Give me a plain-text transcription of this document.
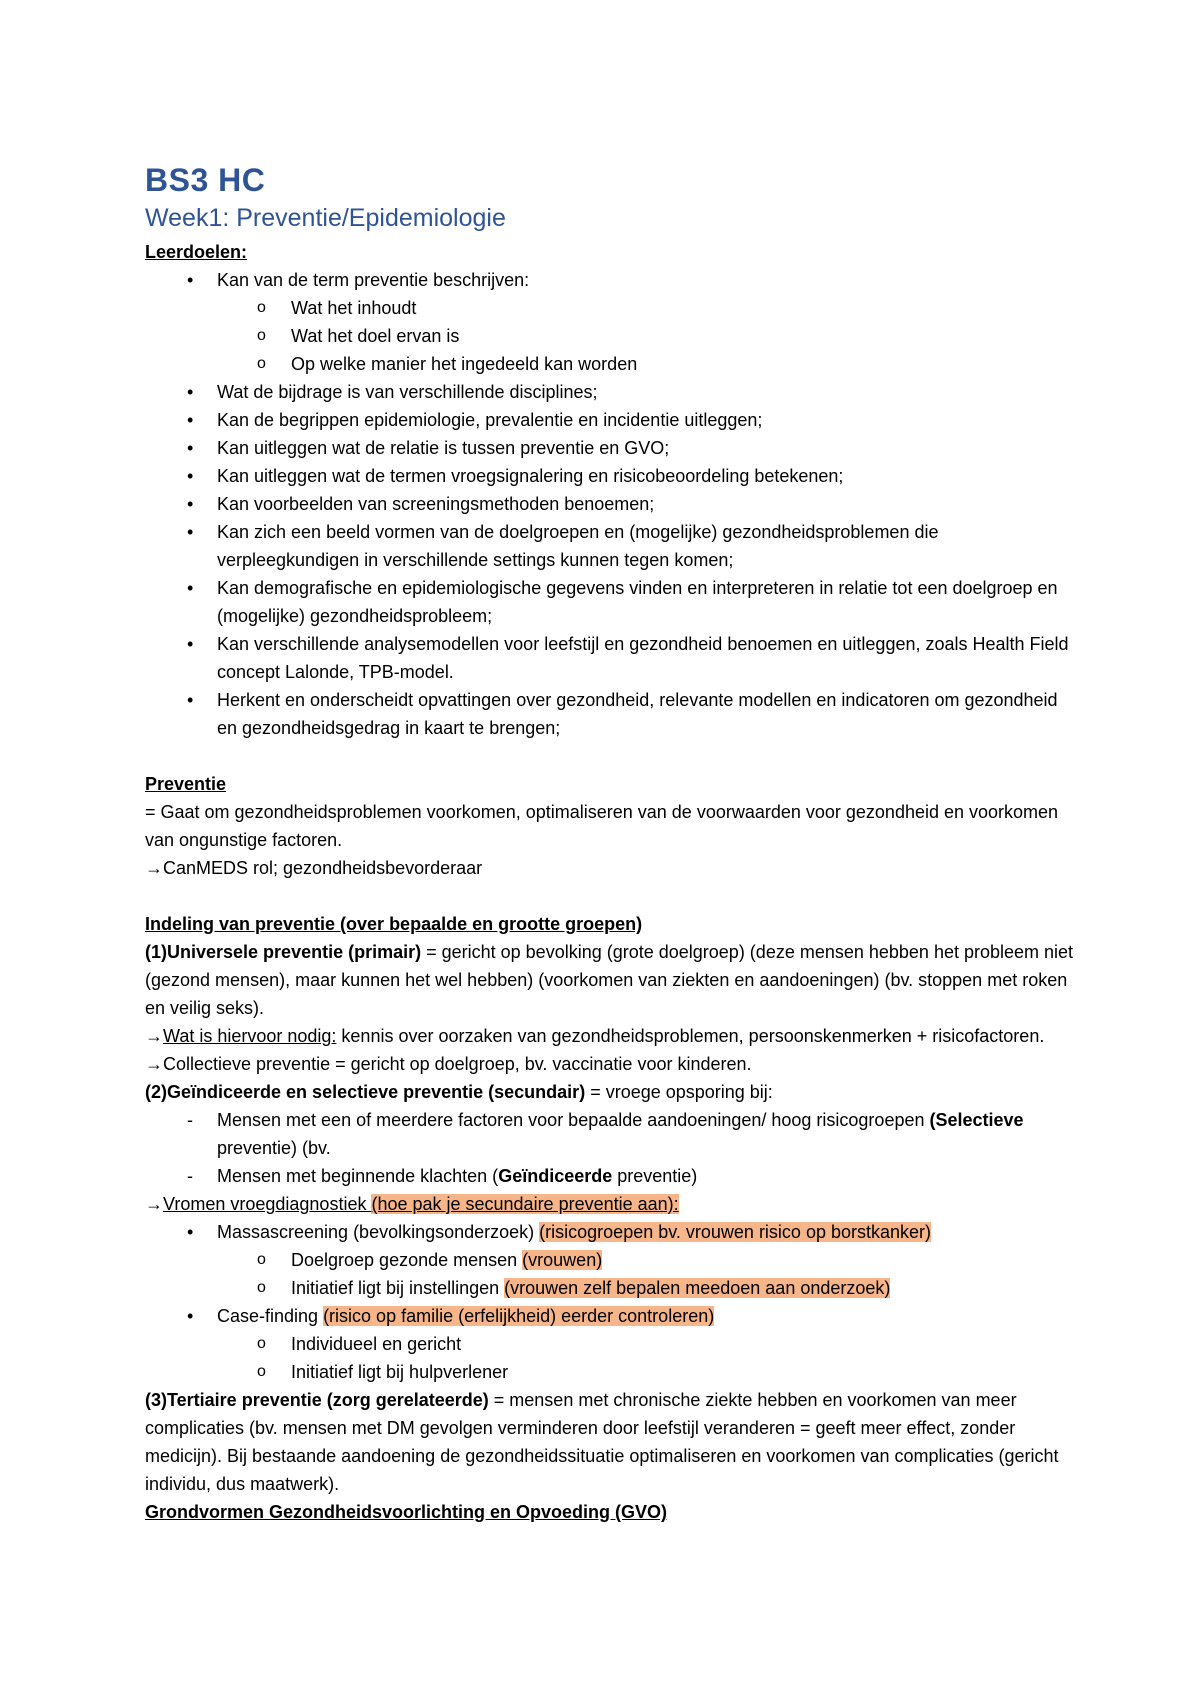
BS3 HC
Week1: Preventie/Epidemiologie

Leerdoelen:

• Kan van de term preventie beschrijven:
o Wat het inhoudt
o Wat het doel ervan is
o Op welke manier het ingedeeld kan worden
• Wat de bijdrage is van verschillende disciplines;
• Kan de begrippen epidemiologie, prevalentie en incidentie uitleggen;
• Kan uitleggen wat de relatie is tussen preventie en GVO;
• Kan uitleggen wat de termen vroegsignalering en risicobeoordeling betekenen;
• Kan voorbeelden van screeningsmethoden benoemen;
• Kan zich een beeld vormen van de doelgroepen en (mogelijke) gezondheidsproblemen die verpleegkundigen in verschillende settings kunnen tegen komen;
• Kan demografische en epidemiologische gegevens vinden en interpreteren in relatie tot een doelgroep en (mogelijke) gezondheidsprobleem;
• Kan verschillende analysemodellen voor leefstijl en gezondheid benoemen en uitleggen, zoals Health Field concept Lalonde, TPB-model.
• Herkent en onderscheidt opvattingen over gezondheid, relevante modellen en indicatoren om gezondheid en gezondheidsgedrag in kaart te brengen;

Preventie

= Gaat om gezondheidsproblemen voorkomen, optimaliseren van de voorwaarden voor gezondheid en voorkomen van ongunstige factoren.

→CanMEDS rol; gezondheidsbevorderaar

Indeling van preventie (over bepaalde en grootte groepen)

(1)Universele preventie (primair) = gericht op bevolking (grote doelgroep) (deze mensen hebben het probleem niet (gezond mensen), maar kunnen het wel hebben) (voorkomen van ziekten en aandoeningen) (bv. stoppen met roken en veilig seks).

→Wat is hiervoor nodig: kennis over oorzaken van gezondheidsproblemen, persoonskenmerken + risicofactoren.

→Collectieve preventie = gericht op doelgroep, bv. vaccinatie voor kinderen.

(2)Geïndiceerde en selectieve preventie (secundair) = vroege opsporing bij:

- Mensen met een of meerdere factoren voor bepaalde aandoeningen/ hoog risicogroepen (Selectieve preventie) (bv.
- Mensen met beginnende klachten (Geïndiceerde preventie)

→Vromen vroegdiagnostiek (hoe pak je secundaire preventie aan):

• Massascreening (bevolkingsonderzoek) (risicogroepen bv. vrouwen risico op borstkanker)
o Doelgroep gezonde mensen (vrouwen)
o Initiatief ligt bij instellingen (vrouwen zelf bepalen meedoen aan onderzoek)
• Case-finding (risico op familie (erfelijkheid) eerder controleren)
o Individueel en gericht
o Initiatief ligt bij hulpverlener

(3)Tertiaire preventie (zorg gerelateerde) = mensen met chronische ziekte hebben en voorkomen van meer complicaties (bv. mensen met DM gevolgen verminderen door leefstijl veranderen = geeft meer effect, zonder medicijn). Bij bestaande aandoening de gezondheidssituatie optimaliseren en voorkomen van complicaties (gericht individu, dus maatwerk).

Grondvormen Gezondheidsvoorlichting en Opvoeding (GVO)
